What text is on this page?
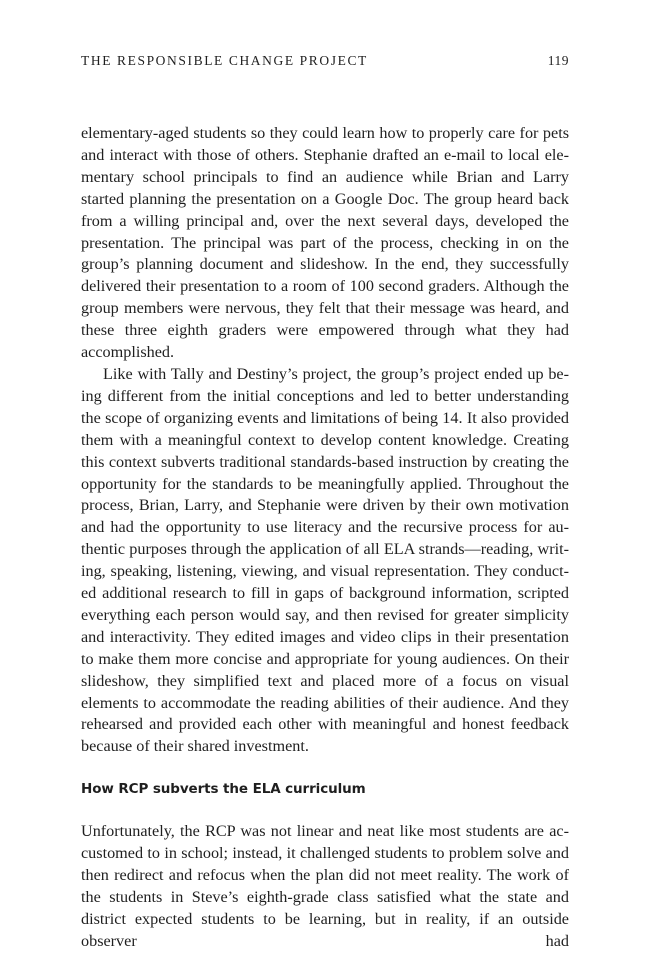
THE RESPONSIBLE CHANGE PROJECT	119

elementary-aged students so they could learn how to properly care for pets and interact with those of others. Stephanie drafted an e-mail to local elementary school principals to find an audience while Brian and Larry started planning the presentation on a Google Doc. The group heard back from a willing principal and, over the next several days, developed the presentation. The principal was part of the process, checking in on the group’s planning document and slideshow. In the end, they successfully delivered their presentation to a room of 100 second graders. Although the group members were nervous, they felt that their message was heard, and these three eighth graders were empowered through what they had accomplished.

Like with Tally and Destiny’s project, the group’s project ended up being different from the initial conceptions and led to better understanding the scope of organizing events and limitations of being 14. It also provided them with a meaningful context to develop content knowledge. Creating this context subverts traditional standards-based instruction by creating the opportunity for the standards to be meaningfully applied. Throughout the process, Brian, Larry, and Stephanie were driven by their own motivation and had the opportunity to use literacy and the recursive process for authentic purposes through the application of all ELA strands—reading, writing, speaking, listening, viewing, and visual representation. They conducted additional research to fill in gaps of background information, scripted everything each person would say, and then revised for greater simplicity and interactivity. They edited images and video clips in their presentation to make them more concise and appropriate for young audiences. On their slideshow, they simplified text and placed more of a focus on visual elements to accommodate the reading abilities of their audience. And they rehearsed and provided each other with meaningful and honest feedback because of their shared investment.

How RCP subverts the ELA curriculum

Unfortunately, the RCP was not linear and neat like most students are accustomed to in school; instead, it challenged students to problem solve and then redirect and refocus when the plan did not meet reality. The work of the students in Steve’s eighth-grade class satisfied what the state and district expected students to be learning, but in reality, if an outside observer had
